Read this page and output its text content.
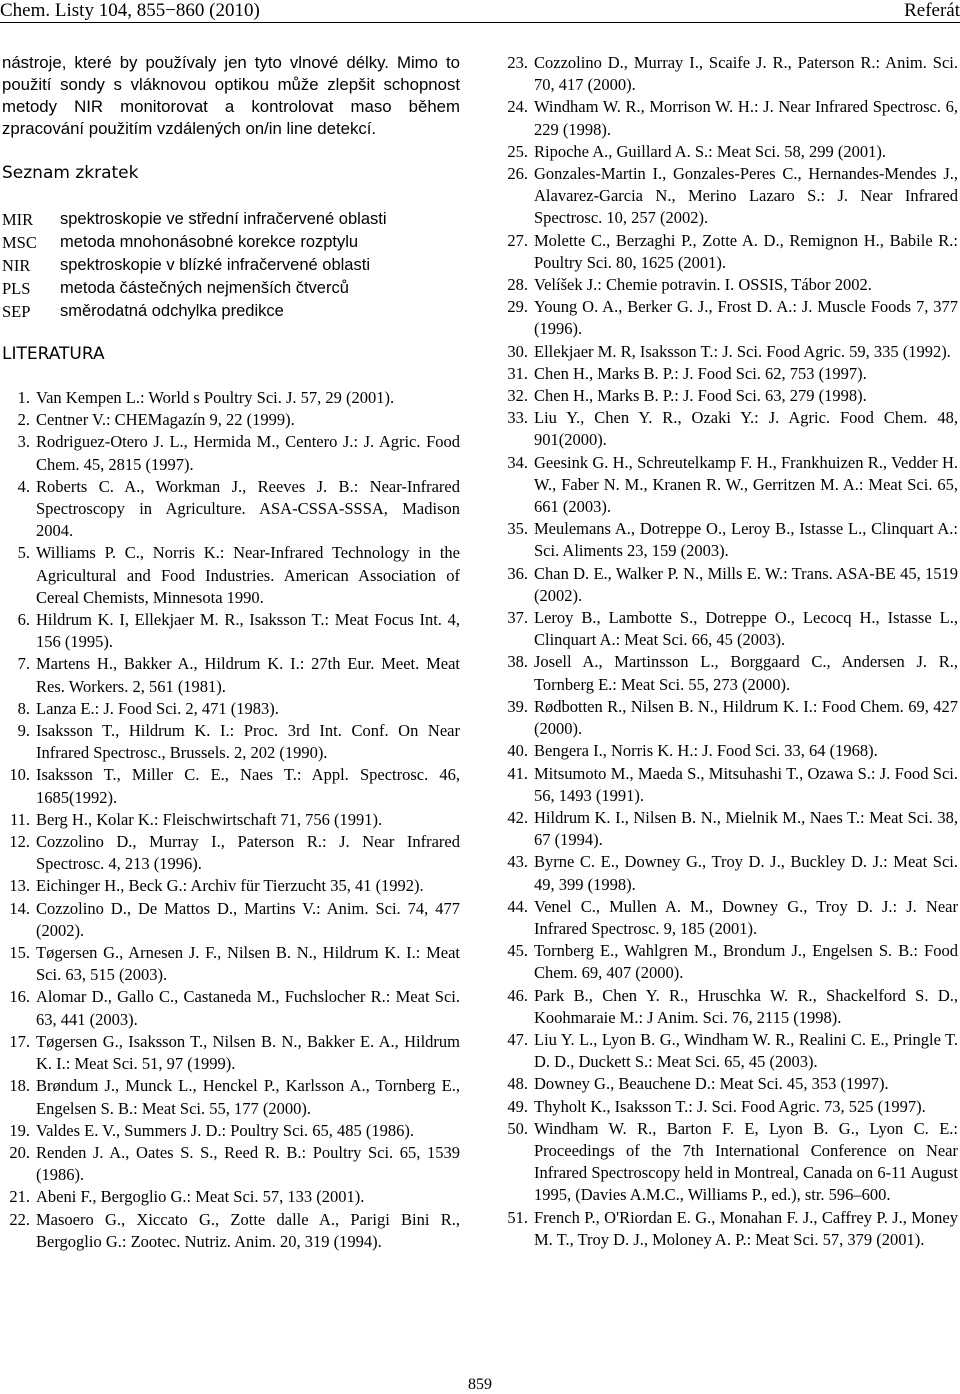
Chem. Listy 104, 855−860 (2010)	Referát

nástroje, které by používaly jen tyto vlnové délky. Mimo to použití sondy s vláknovou optikou může zlepšit schopnost metody NIR monitorovat a kontrolovat maso během zpracování použitím vzdálených on/in line detekcí.

Seznam zkratek
MIR	spektroskopie ve střední infračervené oblasti
MSC	metoda mnohonásobné korekce rozptylu
NIR	spektroskopie v blízké infračervené oblasti
PLS	metoda částečných nejmenších čtverců
SEP	směrodatná odchylka predikce
LITERATURA
1. Van Kempen L.: World s Poultry Sci. J. 57, 29 (2001).
2. Centner V.: CHEMagazín 9, 22 (1999).
3. Rodriguez-Otero J. L., Hermida M., Centero J.: J. Agric. Food Chem. 45, 2815 (1997).
4. Roberts C. A., Workman J., Reeves J. B.: Near-Infrared Spectroscopy in Agriculture. ASA-CSSA-SSSA, Madison 2004.
5. Williams P. C., Norris K.: Near-Infrared Technology in the Agricultural and Food Industries. American Association of Cereal Chemists, Minnesota 1990.
6. Hildrum K. I, Ellekjaer M. R., Isaksson T.: Meat Focus Int. 4, 156 (1995).
7. Martens H., Bakker A., Hildrum K. I.: 27th Eur. Meet. Meat Res. Workers. 2, 561 (1981).
8. Lanza E.: J. Food Sci. 2, 471 (1983).
9. Isaksson T., Hildrum K. I.: Proc. 3rd Int. Conf. On Near Infrared Spectrosc., Brussels. 2, 202 (1990).
10. Isaksson T., Miller C. E., Naes T.: Appl. Spectrosc. 46, 1685(1992).
11. Berg H., Kolar K.: Fleischwirtschaft 71, 756 (1991).
12. Cozzolino D., Murray I., Paterson R.: J. Near Infrared Spectrosc. 4, 213 (1996).
13. Eichinger H., Beck G.: Archiv für Tierzucht 35, 41 (1992).
14. Cozzolino D., De Mattos D., Martins V.: Anim. Sci. 74, 477 (2002).
15. Tøgersen G., Arnesen J. F., Nilsen B. N., Hildrum K. I.: Meat Sci. 63, 515 (2003).
16. Alomar D., Gallo C., Castaneda M., Fuchslocher R.: Meat Sci. 63, 441 (2003).
17. Tøgersen G., Isaksson T., Nilsen B. N., Bakker E. A., Hildrum K. I.: Meat Sci. 51, 97 (1999).
18. Brøndum J., Munck L., Henckel P., Karlsson A., Tornberg E., Engelsen S. B.: Meat Sci. 55, 177 (2000).
19. Valdes E. V., Summers J. D.: Poultry Sci. 65, 485 (1986).
20. Renden J. A., Oates S. S., Reed R. B.: Poultry Sci. 65, 1539 (1986).
21. Abeni F., Bergoglio G.: Meat Sci. 57, 133 (2001).
22. Masoero G., Xiccato G., Zotte dalle A., Parigi Bini R., Bergoglio G.: Zootec. Nutriz. Anim. 20, 319 (1994).
23. Cozzolino D., Murray I., Scaife J. R., Paterson R.: Anim. Sci. 70, 417 (2000).
24. Windham W. R., Morrison W. H.: J. Near Infrared Spectrosc. 6, 229 (1998).
25. Ripoche A., Guillard A. S.: Meat Sci. 58, 299 (2001).
26. Gonzales-Martin I., Gonzales-Peres C., Hernandes-Mendes J., Alavarez-Garcia N., Merino Lazaro S.: J. Near Infrared Spectrosc. 10, 257 (2002).
27. Molette C., Berzaghi P., Zotte A. D., Remignon H., Babile R.: Poultry Sci. 80, 1625 (2001).
28. Velíšek J.: Chemie potravin. I. OSSIS, Tábor 2002.
29. Young O. A., Berker G. J., Frost D. A.: J. Muscle Foods 7, 377 (1996).
30. Ellekjaer M. R, Isaksson T.: J. Sci. Food Agric. 59, 335 (1992).
31. Chen H., Marks B. P.: J. Food Sci. 62, 753 (1997).
32. Chen H., Marks B. P.: J. Food Sci. 63, 279 (1998).
33. Liu Y., Chen Y. R., Ozaki Y.: J. Agric. Food Chem. 48, 901(2000).
34. Geesink G. H., Schreutelkamp F. H., Frankhuizen R., Vedder H. W., Faber N. M., Kranen R. W., Gerritzen M. A.: Meat Sci. 65, 661 (2003).
35. Meulemans A., Dotreppe O., Leroy B., Istasse L., Clinquart A.: Sci. Aliments 23, 159 (2003).
36. Chan D. E., Walker P. N., Mills E. W.: Trans. ASA-BE 45, 1519 (2002).
37. Leroy B., Lambotte S., Dotreppe O., Lecocq H., Istasse L., Clinquart A.: Meat Sci. 66, 45 (2003).
38. Josell A., Martinsson L., Borggaard C., Andersen J. R., Tornberg E.: Meat Sci. 55, 273 (2000).
39. Rødbotten R., Nilsen B. N., Hildrum K. I.: Food Chem. 69, 427 (2000).
40. Bengera I., Norris K. H.: J. Food Sci. 33, 64 (1968).
41. Mitsumoto M., Maeda S., Mitsuhashi T., Ozawa S.: J. Food Sci. 56, 1493 (1991).
42. Hildrum K. I., Nilsen B. N., Mielnik M., Naes T.: Meat Sci. 38, 67 (1994).
43. Byrne C. E., Downey G., Troy D. J., Buckley D. J.: Meat Sci. 49, 399 (1998).
44. Venel C., Mullen A. M., Downey G., Troy D. J.: J. Near Infrared Spectrosc. 9, 185 (2001).
45. Tornberg E., Wahlgren M., Brondum J., Engelsen S. B.: Food Chem. 69, 407 (2000).
46. Park B., Chen Y. R., Hruschka W. R., Shackelford S. D., Koohmaraie M.: J Anim. Sci. 76, 2115 (1998).
47. Liu Y. L., Lyon B. G., Windham W. R., Realini C. E., Pringle T. D. D., Duckett S.: Meat Sci. 65, 45 (2003).
48. Downey G., Beauchene D.: Meat Sci. 45, 353 (1997).
49. Thyholt K., Isaksson T.: J. Sci. Food Agric. 73, 525 (1997).
50. Windham W. R., Barton F. E, Lyon B. G., Lyon C. E.: Proceedings of the 7th International Conference on Near Infrared Spectroscopy held in Montreal, Canada on 6-11 August 1995, (Davies A.M.C., Williams P., ed.), str. 596–600.
51. French P., O'Riordan E. G., Monahan F. J., Caffrey P. J., Money M. T., Troy D. J., Moloney A. P.: Meat Sci. 57, 379 (2001).
859
